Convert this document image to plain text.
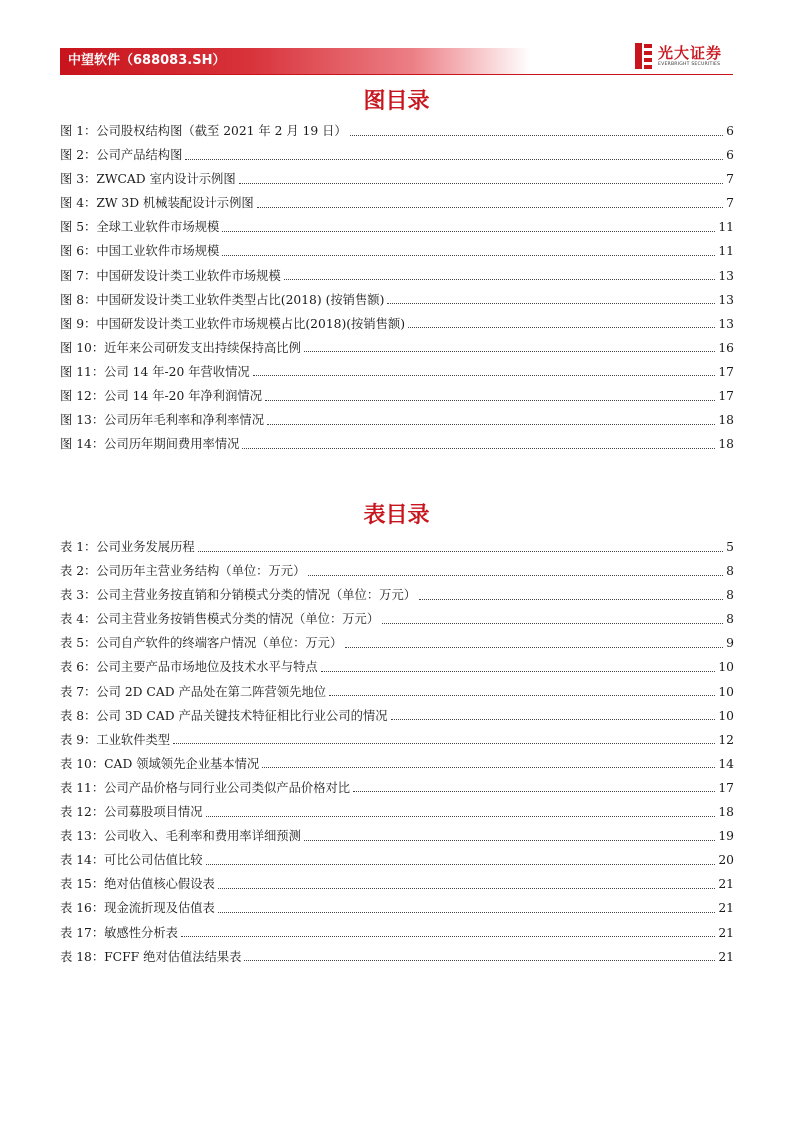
中望软件（688083.SH）	光大证券
EVERBRIGHT SECURITIES
图目录
图 1：公司股权结构图（截至 2021 年 2 月 19 日）	6
图 2：公司产品结构图	6
图 3：ZWCAD 室内设计示例图	7
图 4：ZW 3D 机械装配设计示例图	7
图 5：全球工业软件市场规模	11
图 6：中国工业软件市场规模	11
图 7：中国研发设计类工业软件市场规模	13
图 8：中国研发设计类工业软件类型占比(2018) (按销售额)	13
图 9：中国研发设计类工业软件市场规模占比(2018)(按销售额)	13
图 10：近年来公司研发支出持续保持高比例	16
图 11：公司 14 年-20 年营收情况	17
图 12：公司 14 年-20 年净利润情况	17
图 13：公司历年毛利率和净利率情况	18
图 14：公司历年期间费用率情况	18
表目录
表 1：公司业务发展历程	5
表 2：公司历年主营业务结构（单位：万元）	8
表 3：公司主营业务按直销和分销模式分类的情况（单位：万元）	8
表 4：公司主营业务按销售模式分类的情况（单位：万元）	8
表 5：公司自产软件的终端客户情况（单位：万元）	9
表 6：公司主要产品市场地位及技术水平与特点	10
表 7：公司 2D CAD 产品处在第二阵营领先地位	10
表 8：公司 3D CAD 产品关键技术特征相比行业公司的情况	10
表 9：工业软件类型	12
表 10：CAD 领域领先企业基本情况	14
表 11：公司产品价格与同行业公司类似产品价格对比	17
表 12：公司募股项目情况	18
表 13：公司收入、毛利率和费用率详细预测	19
表 14：可比公司估值比较	20
表 15：绝对估值核心假设表	21
表 16：现金流折现及估值表	21
表 17：敏感性分析表	21
表 18：FCFF 绝对估值法结果表	21
